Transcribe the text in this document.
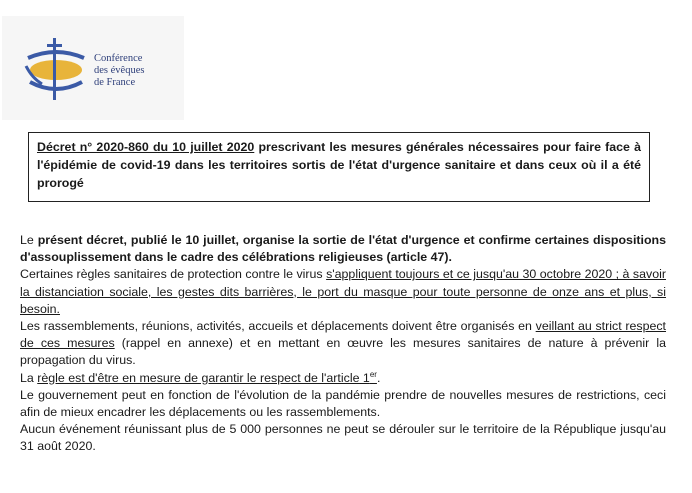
Conférence
des évêques
de France
Décret n° 2020-860 du 10 juillet 2020 prescrivant les mesures générales nécessaires pour faire face à l'épidémie de covid-19 dans les territoires sortis de l'état d'urgence sanitaire et dans ceux où il a été prorogé

Le présent décret, publié le 10 juillet, organise la sortie de l'état d'urgence et confirme certaines dispositions d'assouplissement dans le cadre des célébrations religieuses (article 47).

Certaines règles sanitaires de protection contre le virus s'appliquent toujours et ce jusqu'au 30 octobre 2020 ; à savoir la distanciation sociale, les gestes dits barrières, le port du masque pour toute personne de onze ans et plus, si besoin.

Les rassemblements, réunions, activités, accueils et déplacements doivent être organisés en veillant au strict respect de ces mesures (rappel en annexe) et en mettant en œuvre les mesures sanitaires de nature à prévenir la propagation du virus.

La règle est d'être en mesure de garantir le respect de l'article 1er.

Le gouvernement peut en fonction de l'évolution de la pandémie prendre de nouvelles mesures de restrictions, ceci afin de mieux encadrer les déplacements ou les rassemblements.

Aucun événement réunissant plus de 5 000 personnes ne peut se dérouler sur le territoire de la République jusqu'au 31 août 2020.
